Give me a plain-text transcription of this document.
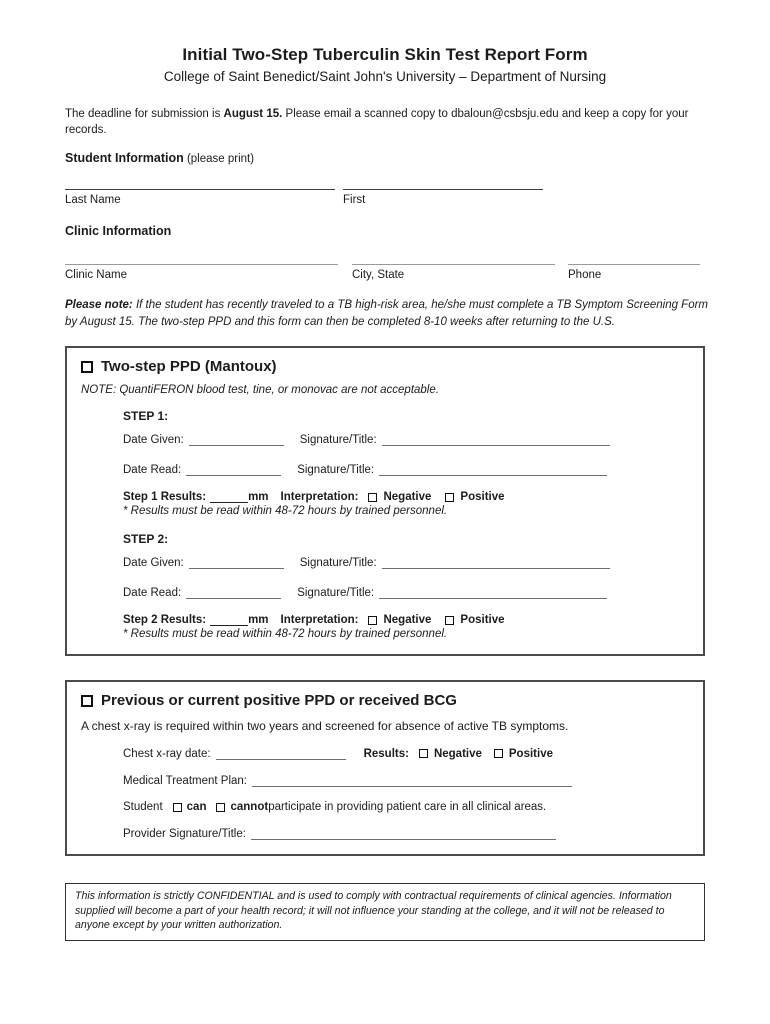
Initial Two-Step Tuberculin Skin Test Report Form
College of Saint Benedict/Saint John's University – Department of Nursing
The deadline for submission is August 15. Please email a scanned copy to dbaloun@csbsju.edu and keep a copy for your records.
Student Information (please print)
Last Name	First
Clinic Information
Clinic Name	City, State	Phone
Please note: If the student has recently traveled to a TB high-risk area, he/she must complete a TB Symptom Screening Form by August 15. The two-step PPD and this form can then be completed 8-10 weeks after returning to the U.S.
Two-step PPD (Mantoux)
NOTE: QuantiFERON blood test, tine, or monovac are not acceptable.
STEP 1:
Date Given:	Signature/Title:
Date Read:	Signature/Title:
Step 1 Results:	mm Interpretation: Negative	Positive
* Results must be read within 48-72 hours by trained personnel.
STEP 2:
Date Given:	Signature/Title:
Date Read:	Signature/Title:
Step 2 Results:	mm Interpretation: Negative	Positive
* Results must be read within 48-72 hours by trained personnel.
Previous or current positive PPD or received BCG
A chest x-ray is required within two years and screened for absence of active TB symptoms.
Chest x-ray date:	Results: Negative Positive
Medical Treatment Plan:
Student can cannot participate in providing patient care in all clinical areas.
Provider Signature/Title:
This information is strictly CONFIDENTIAL and is used to comply with contractual requirements of clinical agencies. Information supplied will become a part of your health record; it will not influence your standing at the college, and it will not be released to anyone except by your written authorization.
